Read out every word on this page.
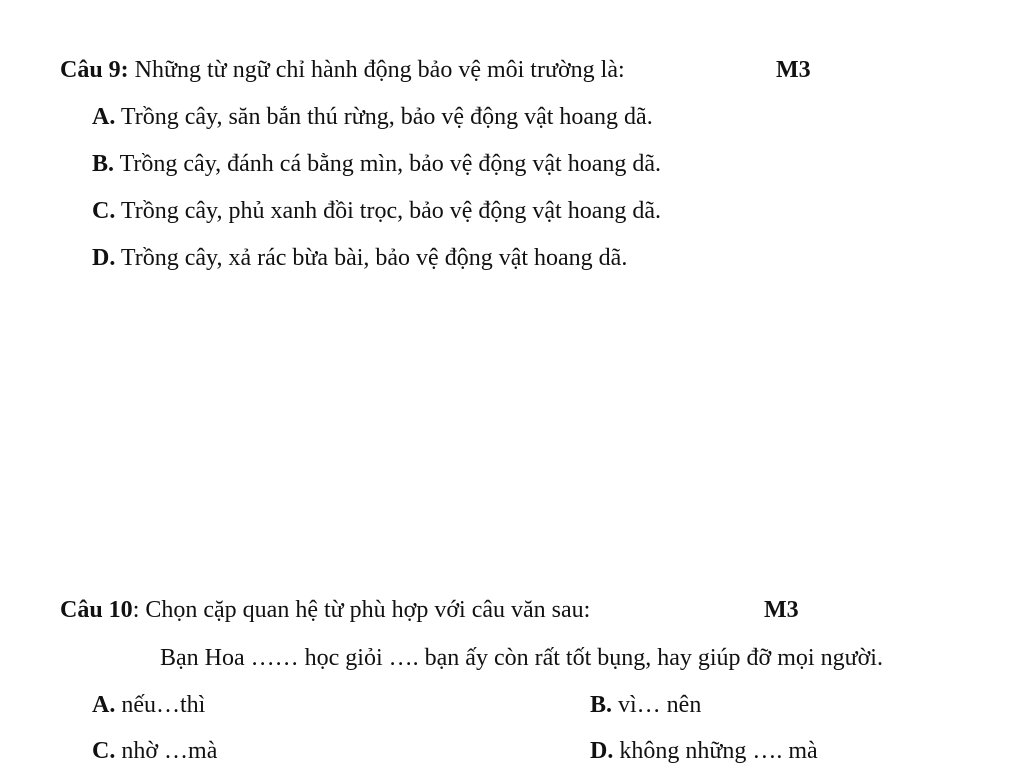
Câu 9: Những từ ngữ chỉ hành động bảo vệ môi trường là:	M3
A. Trồng cây, săn bắn thú rừng, bảo vệ động vật hoang dã.
B. Trồng cây, đánh cá bằng mìn, bảo vệ động vật hoang dã.
C. Trồng cây, phủ xanh đồi trọc, bảo vệ động vật hoang dã.
D. Trồng cây, xả rác bừa bài, bảo vệ động vật hoang dã.
Câu 10: Chọn cặp quan hệ từ phù hợp với câu văn sau:	M3
Bạn Hoa …… học giỏi …. bạn ấy còn rất tốt bụng, hay giúp đỡ mọi người.
A. nếu…thì	B. vì… nên
C. nhờ …mà	D. không những …. mà
